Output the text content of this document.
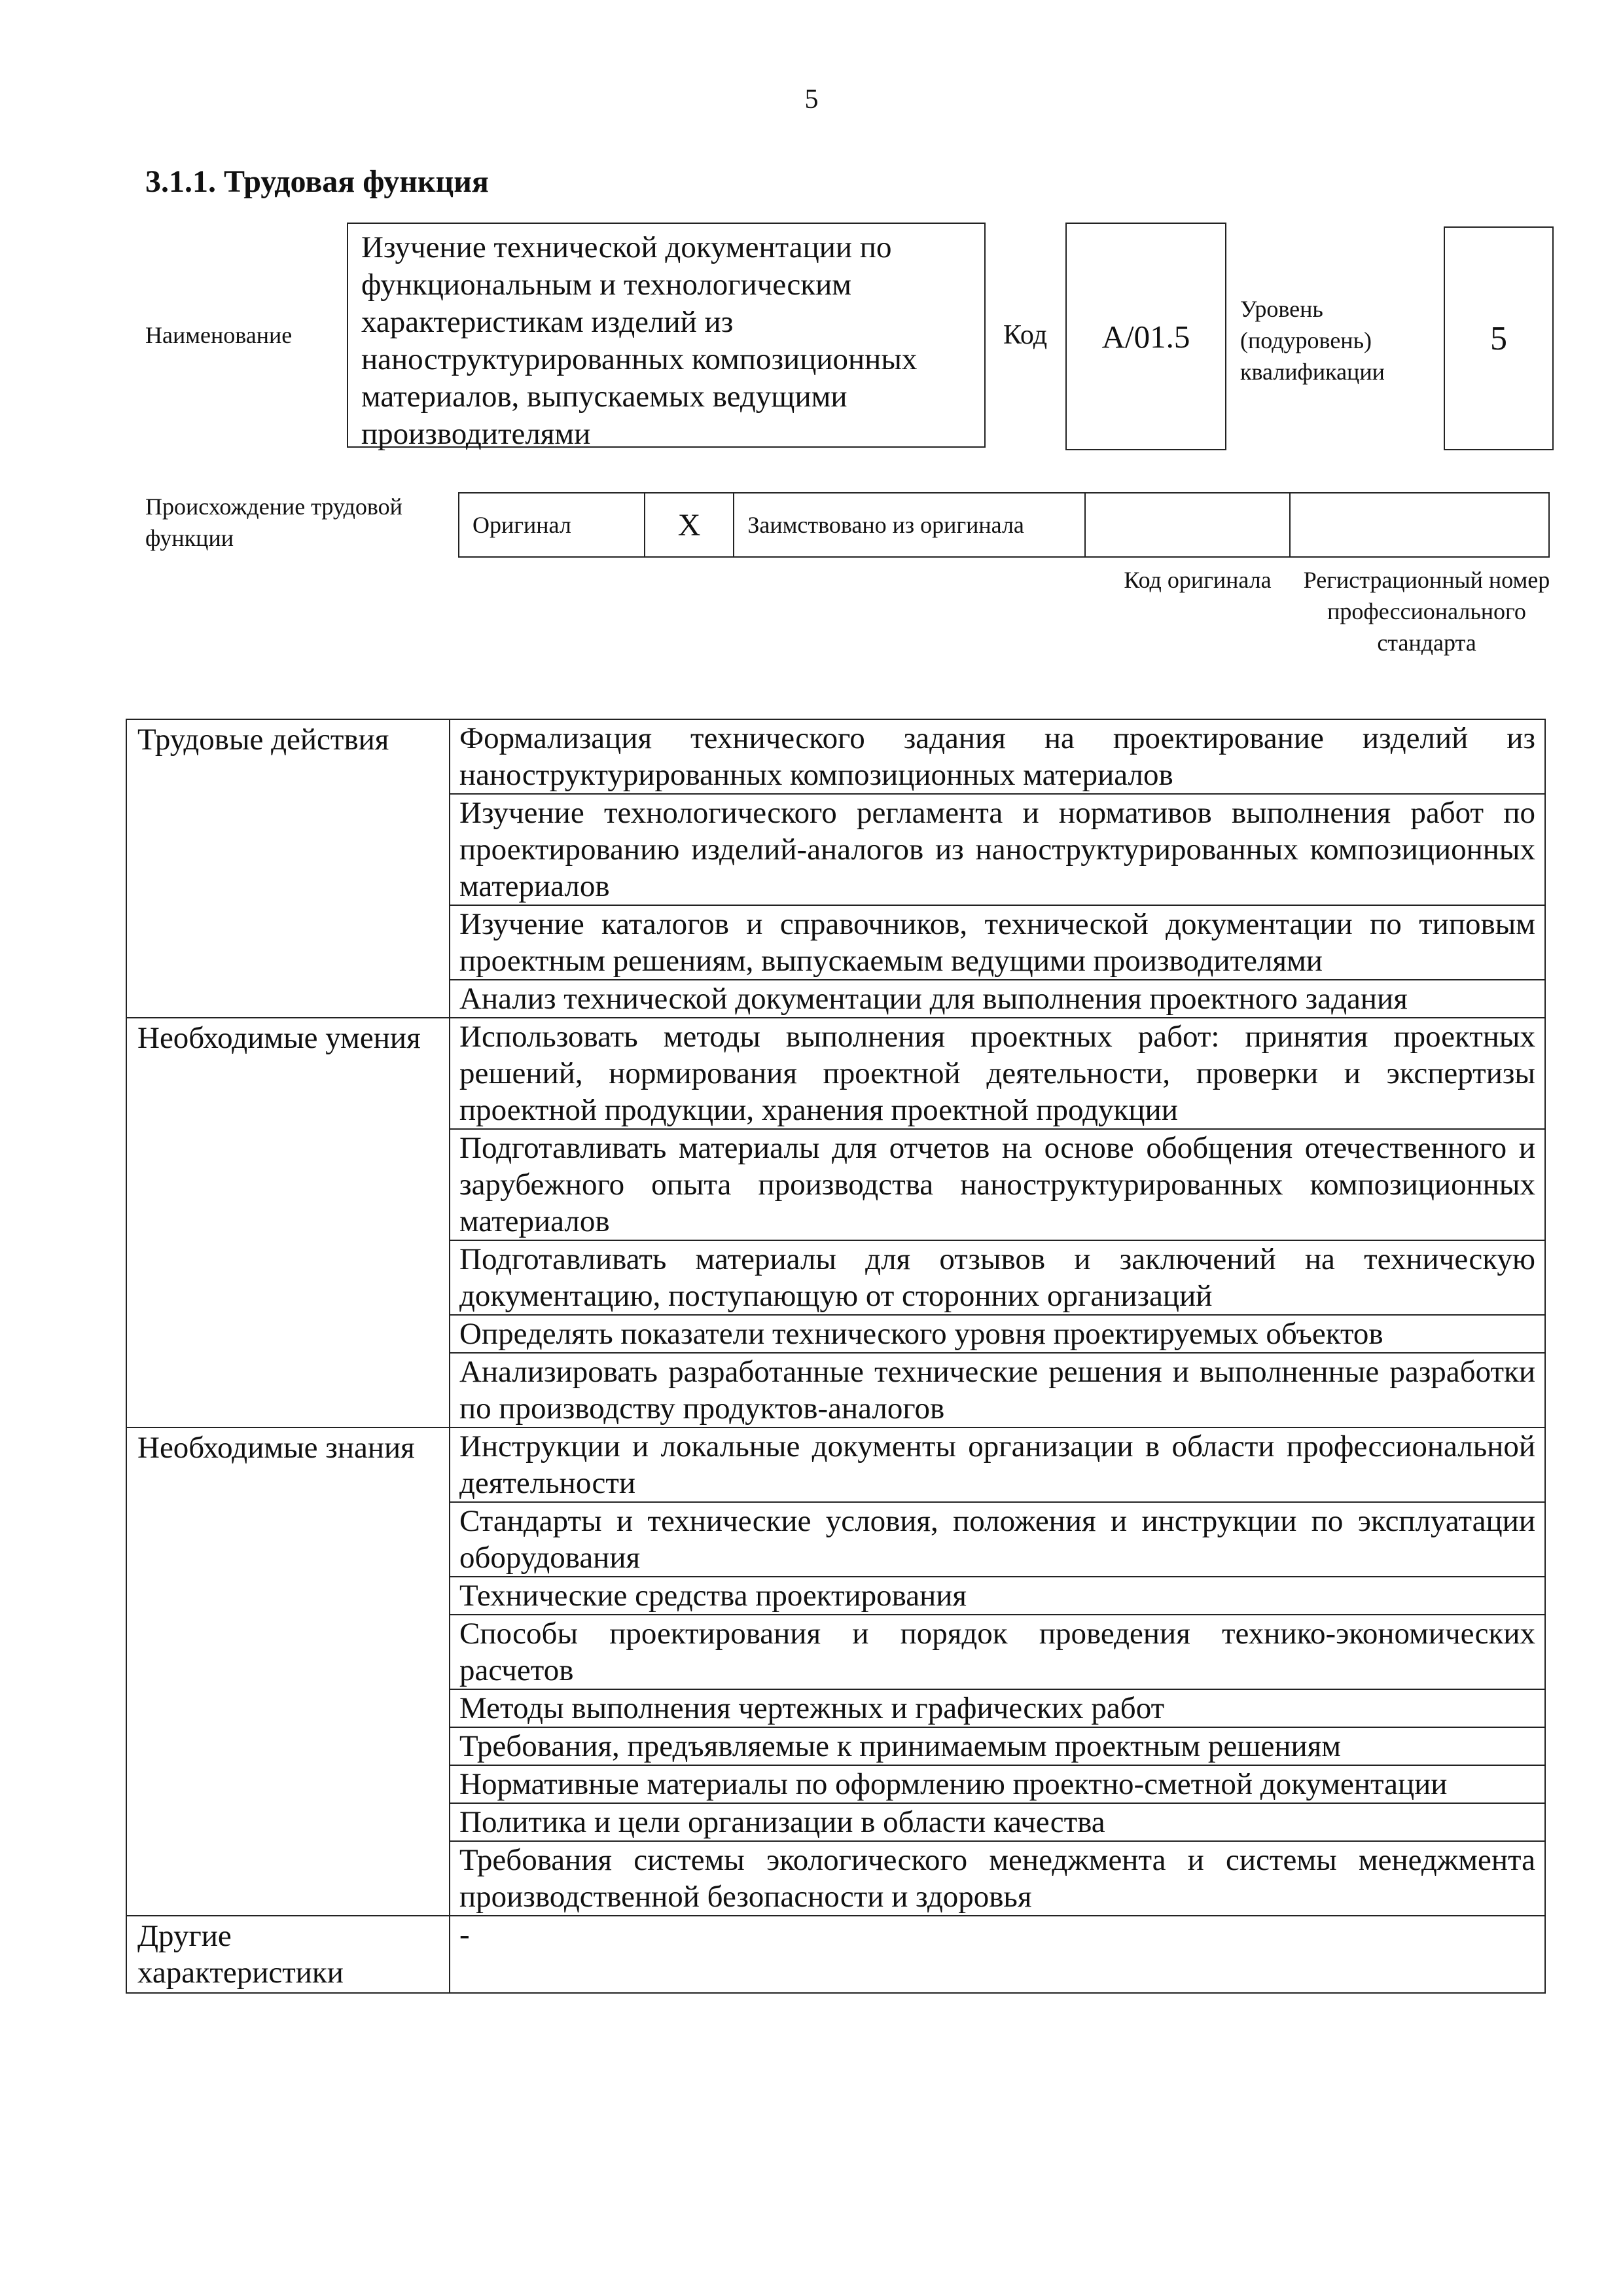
5
3.1.1. Трудовая функция
Наименование
Изучение технической документации по функциональным и технологическим характеристикам изделий из наноструктурированных композиционных материалов, выпускаемых ведущими производителями
Код	А/01.5
Уровень (подуровень) квалификации
5
Происхождение трудовой функции	Оригинал	X	Заимствовано из оригинала		
Код оригинала	Регистрационный номер профессионального стандарта
Трудовые действия	Формализация технического задания на проектирование изделий из наноструктурированных композиционных материалов
	Изучение технологического регламента и нормативов выполнения работ по проектированию изделий-аналогов из наноструктурированных композиционных материалов
	Изучение каталогов и справочников, технической документации по типовым проектным решениям, выпускаемым ведущими производителями
	Анализ технической документации для выполнения проектного задания
Необходимые умения	Использовать методы выполнения проектных работ: принятия проектных решений, нормирования проектной деятельности, проверки и экспертизы проектной продукции, хранения проектной продукции
	Подготавливать материалы для отчетов на основе обобщения отечественного и зарубежного опыта производства наноструктурированных композиционных материалов
	Подготавливать материалы для отзывов и заключений на техническую документацию, поступающую от сторонних организаций
	Определять показатели технического уровня проектируемых объектов
	Анализировать разработанные технические решения и выполненные разработки по производству продуктов-аналогов
Необходимые знания	Инструкции и локальные документы организации в области профессиональной деятельности
	Стандарты и технические условия, положения и инструкции по эксплуатации оборудования
	Технические средства проектирования
	Способы проектирования и порядок проведения технико-экономических расчетов
	Методы выполнения чертежных и графических работ
	Требования, предъявляемые к принимаемым проектным решениям
	Нормативные материалы по оформлению проектно-сметной документации
	Политика и цели организации в области качества
	Требования системы экологического менеджмента и системы менеджмента производственной безопасности и здоровья
Другие характеристики	-
